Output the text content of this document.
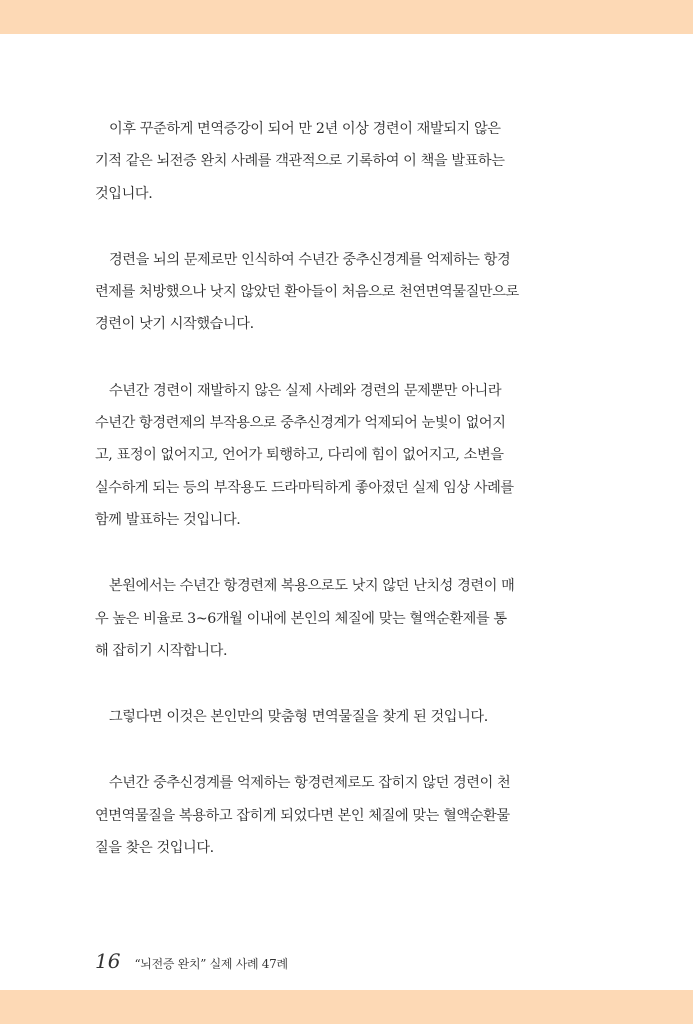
이후 꾸준하게 면역증강이 되어 만 2년 이상 경련이 재발되지 않은
기적 같은 뇌전증 완치 사례를 객관적으로 기록하여 이 책을 발표하는
것입니다.

경련을 뇌의 문제로만 인식하여 수년간 중추신경계를 억제하는 항경
련제를 처방했으나 낫지 않았던 환아들이 처음으로 천연면역물질만으로
경련이 낫기 시작했습니다.

수년간 경련이 재발하지 않은 실제 사례와 경련의 문제뿐만 아니라
수년간 항경련제의 부작용으로 중추신경계가 억제되어 눈빛이 없어지
고, 표정이 없어지고, 언어가 퇴행하고, 다리에 힘이 없어지고, 소변을
실수하게 되는 등의 부작용도 드라마틱하게 좋아졌던 실제 임상 사례를
함께 발표하는 것입니다.

본원에서는 수년간 항경련제 복용으로도 낫지 않던 난치성 경련이 매
우 높은 비율로 3~6개월 이내에 본인의 체질에 맞는 혈액순환제를 통
해 잡히기 시작합니다.

그렇다면 이것은 본인만의 맞춤형 면역물질을 찾게 된 것입니다.

수년간 중추신경계를 억제하는 항경련제로도 잡히지 않던 경련이 천
연면역물질을 복용하고 잡히게 되었다면 본인 체질에 맞는 혈액순환물
질을 찾은 것입니다.

16 “뇌전증 완치” 실제 사례 47례
